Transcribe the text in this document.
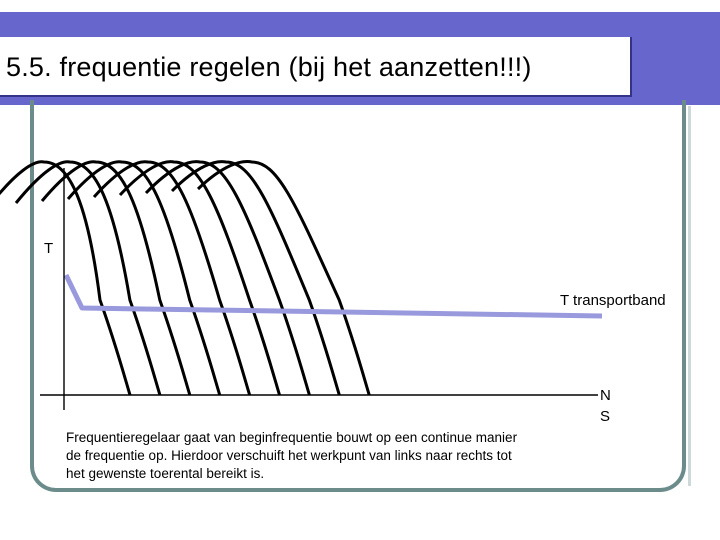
5.5. frequentie regelen (bij het aanzetten!!!)
T
T transportband
N
S
Frequentieregelaar gaat van beginfrequentie bouwt op een continue manier
de frequentie op. Hierdoor verschuift het werkpunt van links naar rechts tot
het gewenste toerental bereikt is.
